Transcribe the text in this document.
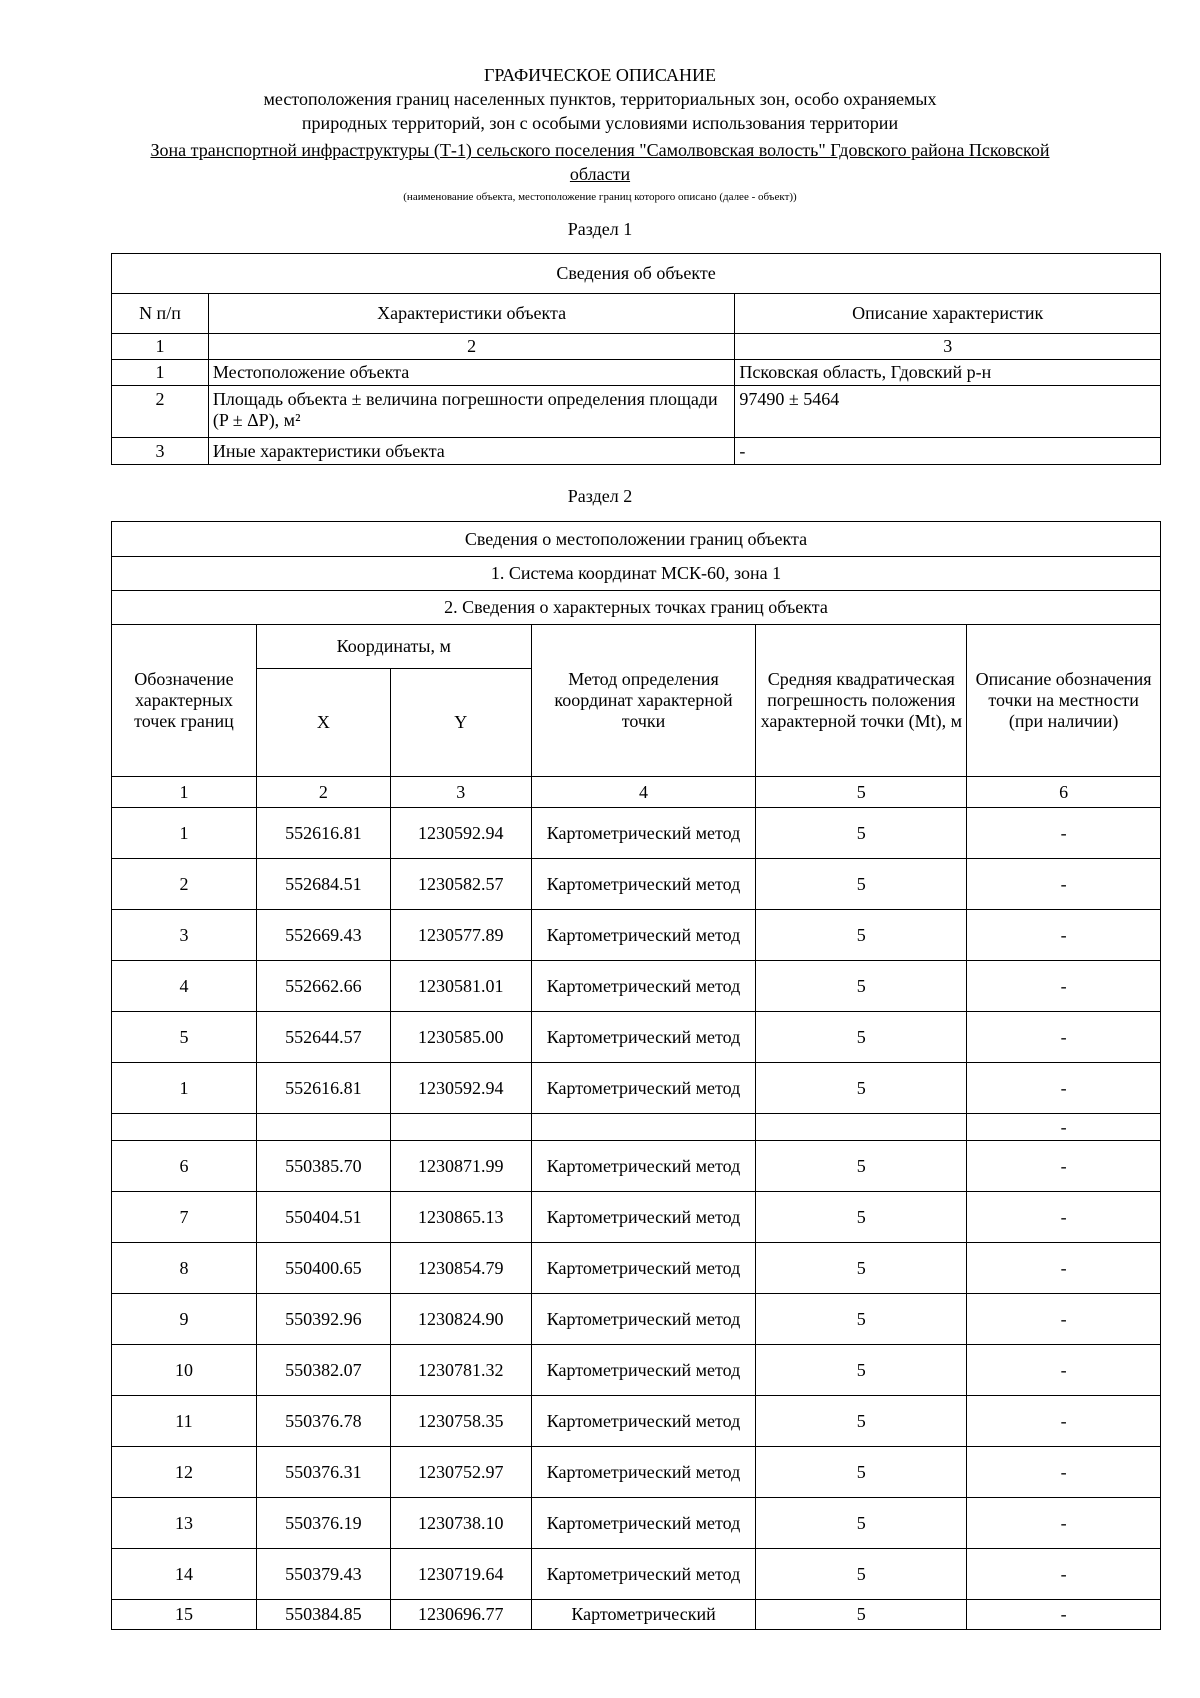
ГРАФИЧЕСКОЕ ОПИСАНИЕ
местоположения границ населенных пунктов, территориальных зон, особо охраняемых
природных территорий, зон с особыми условиями использования территории
Зона транспортной инфраструктуры (Т-1) сельского поселения "Самолвовская волость" Гдовского района Псковской
области
(наименование объекта, местоположение границ которого описано (далее - объект))
Раздел 1
Сведения об объекте		
N п/п	Характеристики объекта	Описание характеристик
1	2	3
1	Местоположение объекта	Псковская область, Гдовский р-н
2	Площадь объекта ± величина погрешности определения площади (P ± ΔP), м²	97490 ± 5464
3	Иные характеристики объекта	-
Раздел 2
Сведения о местоположении границ объекта					
1. Система координат МСК-60, зона 1					
2. Сведения о характерных точках границ объекта					
Обозначение характерных точек границ	Координаты, м		Метод определения координат характерной точки	Средняя квадратическая погрешность положения характерной точки (Mt), м	Описание обозначения точки на местности (при наличии)
	X	Y			
1	2	3	4	5	6
1	552616.81	1230592.94	Картометрический метод	5	-
2	552684.51	1230582.57	Картометрический метод	5	-
3	552669.43	1230577.89	Картометрический метод	5	-
4	552662.66	1230581.01	Картометрический метод	5	-
5	552644.57	1230585.00	Картометрический метод	5	-
1	552616.81	1230592.94	Картометрический метод	5	-
					-
6	550385.70	1230871.99	Картометрический метод	5	-
7	550404.51	1230865.13	Картометрический метод	5	-
8	550400.65	1230854.79	Картометрический метод	5	-
9	550392.96	1230824.90	Картометрический метод	5	-
10	550382.07	1230781.32	Картометрический метод	5	-
11	550376.78	1230758.35	Картометрический метод	5	-
12	550376.31	1230752.97	Картометрический метод	5	-
13	550376.19	1230738.10	Картометрический метод	5	-
14	550379.43	1230719.64	Картометрический метод	5	-
15	550384.85	1230696.77	Картометрический	5	-
